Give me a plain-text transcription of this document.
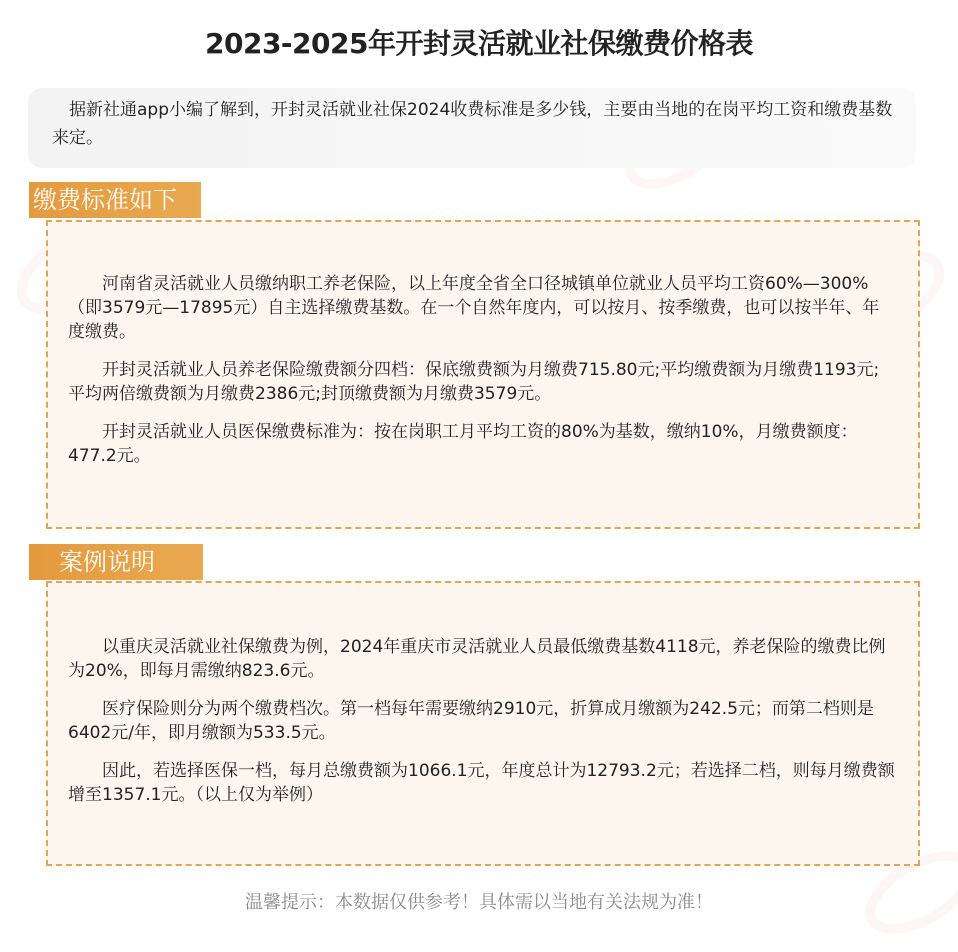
2023-2025年开封灵活就业社保缴费价格表
据新社通app小编了解到，开封灵活就业社保2024收费标准是多少钱，主要由当地的在岗平均工资和缴费基数来定。
缴费标准如下

河南省灵活就业人员缴纳职工养老保险，以上年度全省全口径城镇单位就业人员平均工资60%—300%（即3579元—17895元）自主选择缴费基数。在一个自然年度内，可以按月、按季缴费，也可以按半年、年度缴费。

开封灵活就业人员养老保险缴费额分四档：保底缴费额为月缴费715.80元;平均缴费额为月缴费1193元;平均两倍缴费额为月缴费2386元;封顶缴费额为月缴费3579元。

开封灵活就业人员医保缴费标准为：按在岗职工月平均工资的80%为基数，缴纳10%，月缴费额度：477.2元。

案例说明

以重庆灵活就业社保缴费为例，2024年重庆市灵活就业人员最低缴费基数4118元，养老保险的缴费比例为20%，即每月需缴纳823.6元。

医疗保险则分为两个缴费档次。第一档每年需要缴纳2910元，折算成月缴额为242.5元；而第二档则是6402元/年，即月缴额为533.5元。

因此，若选择医保一档，每月总缴费额为1066.1元，年度总计为12793.2元；若选择二档，则每月缴费额增至1357.1元。（以上仅为举例）

温馨提示：本数据仅供参考！具体需以当地有关法规为准！
